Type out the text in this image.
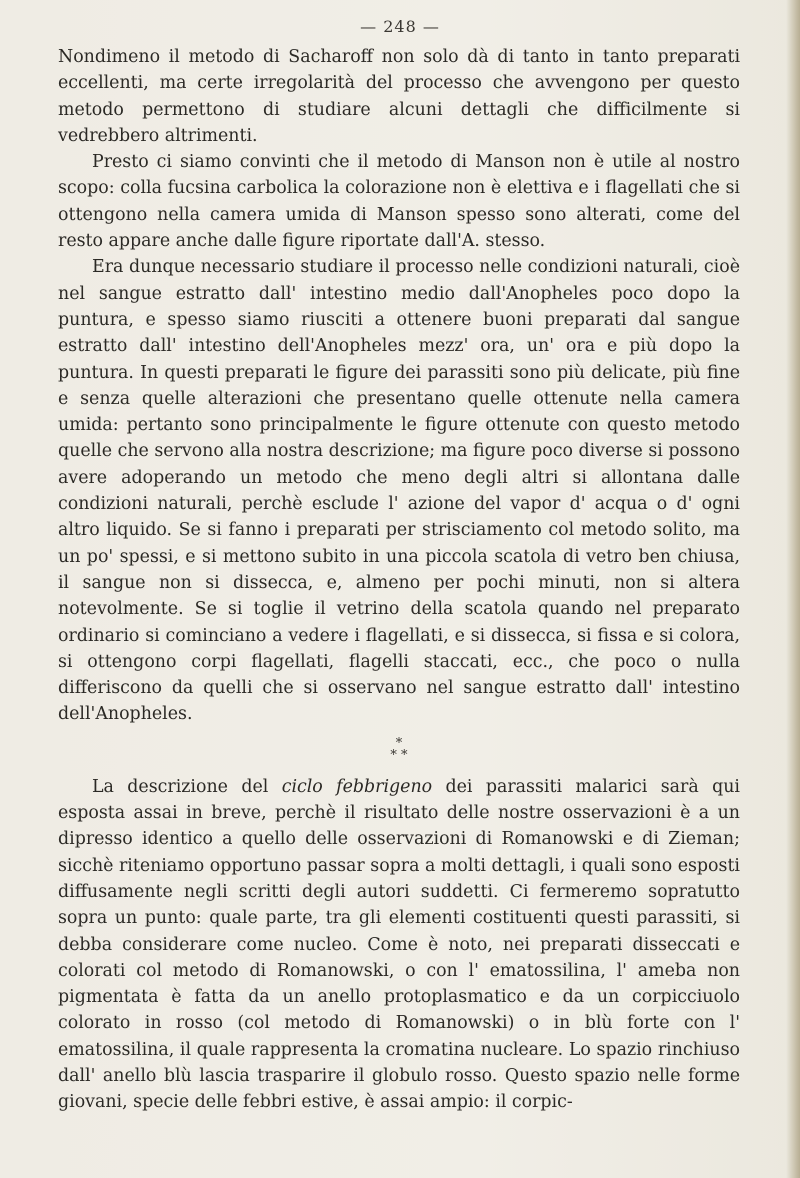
— 248 —

Nondimeno il metodo di Sacharoff non solo dà di tanto in tanto preparati eccellenti, ma certe irregolarità del processo che avvengono per questo metodo permettono di studiare alcuni dettagli che difficilmente si vedrebbero altrimenti.

Presto ci siamo convinti che il metodo di Manson non è utile al nostro scopo: colla fucsina carbolica la colorazione non è elettiva e i flagellati che si ottengono nella camera umida di Manson spesso sono alterati, come del resto appare anche dalle figure riportate dall'A. stesso.

Era dunque necessario studiare il processo nelle condizioni naturali, cioè nel sangue estratto dall' intestino medio dall'Anopheles poco dopo la puntura, e spesso siamo riusciti a ottenere buoni preparati dal sangue estratto dall' intestino dell'Anopheles mezz' ora, un' ora e più dopo la puntura. In questi preparati le figure dei parassiti sono più delicate, più fine e senza quelle alterazioni che presentano quelle ottenute nella camera umida: pertanto sono principalmente le figure ottenute con questo metodo quelle che servono alla nostra descrizione; ma figure poco diverse si possono avere adoperando un metodo che meno degli altri si allontana dalle condizioni naturali, perchè esclude l' azione del vapor d' acqua o d' ogni altro liquido. Se si fanno i preparati per strisciamento col metodo solito, ma un po' spessi, e si mettono subito in una piccola scatola di vetro ben chiusa, il sangue non si dissecca, e, almeno per pochi minuti, non si altera notevolmente. Se si toglie il vetrino della scatola quando nel preparato ordinario si cominciano a vedere i flagellati, e si dissecca, si fissa e si colora, si ottengono corpi flagellati, flagelli staccati, ecc., che poco o nulla differiscono da quelli che si osservano nel sangue estratto dall' intestino dell'Anopheles.

*
* *

La descrizione del ciclo febbrigeno dei parassiti malarici sarà qui esposta assai in breve, perchè il risultato delle nostre osservazioni è a un dipresso identico a quello delle osservazioni di Romanowski e di Zieman; sicchè riteniamo opportuno passar sopra a molti dettagli, i quali sono esposti diffusamente negli scritti degli autori suddetti. Ci fermeremo sopratutto sopra un punto: quale parte, tra gli elementi costituenti questi parassiti, si debba considerare come nucleo. Come è noto, nei preparati disseccati e colorati col metodo di Romanowski, o con l' ematossilina, l' ameba non pigmentata è fatta da un anello protoplasmatico e da un corpicciuolo colorato in rosso (col metodo di Romanowski) o in blù forte con l' ematossilina, il quale rappresenta la cromatina nucleare. Lo spazio rinchiuso dall' anello blù lascia trasparire il globulo rosso. Questo spazio nelle forme giovani, specie delle febbri estive, è assai ampio: il corpic-
